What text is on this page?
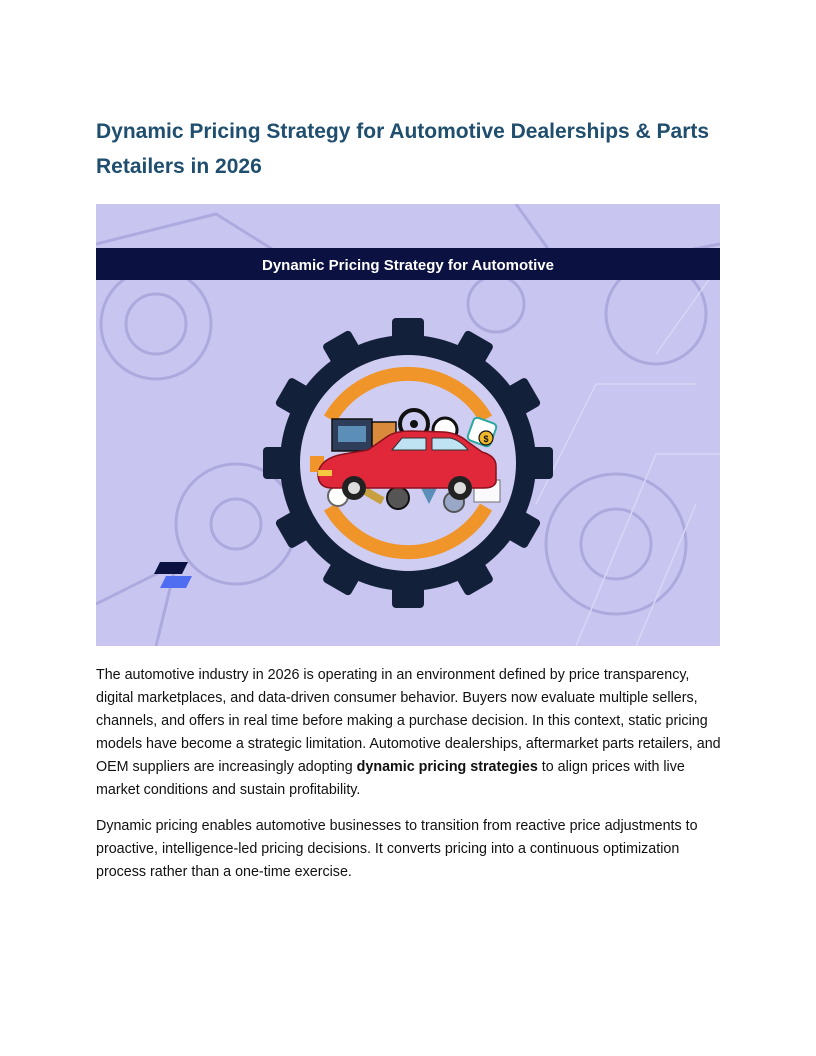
Dynamic Pricing Strategy for Automotive Dealerships & Parts Retailers in 2026
Dynamic Pricing Strategy for Automotive
$

The automotive industry in 2026 is operating in an environment defined by price transparency, digital marketplaces, and data-driven consumer behavior. Buyers now evaluate multiple sellers, channels, and offers in real time before making a purchase decision. In this context, static pricing models have become a strategic limitation. Automotive dealerships, aftermarket parts retailers, and OEM suppliers are increasingly adopting dynamic pricing strategies to align prices with live market conditions and sustain profitability.

Dynamic pricing enables automotive businesses to transition from reactive price adjustments to proactive, intelligence-led pricing decisions. It converts pricing into a continuous optimization process rather than a one-time exercise.
